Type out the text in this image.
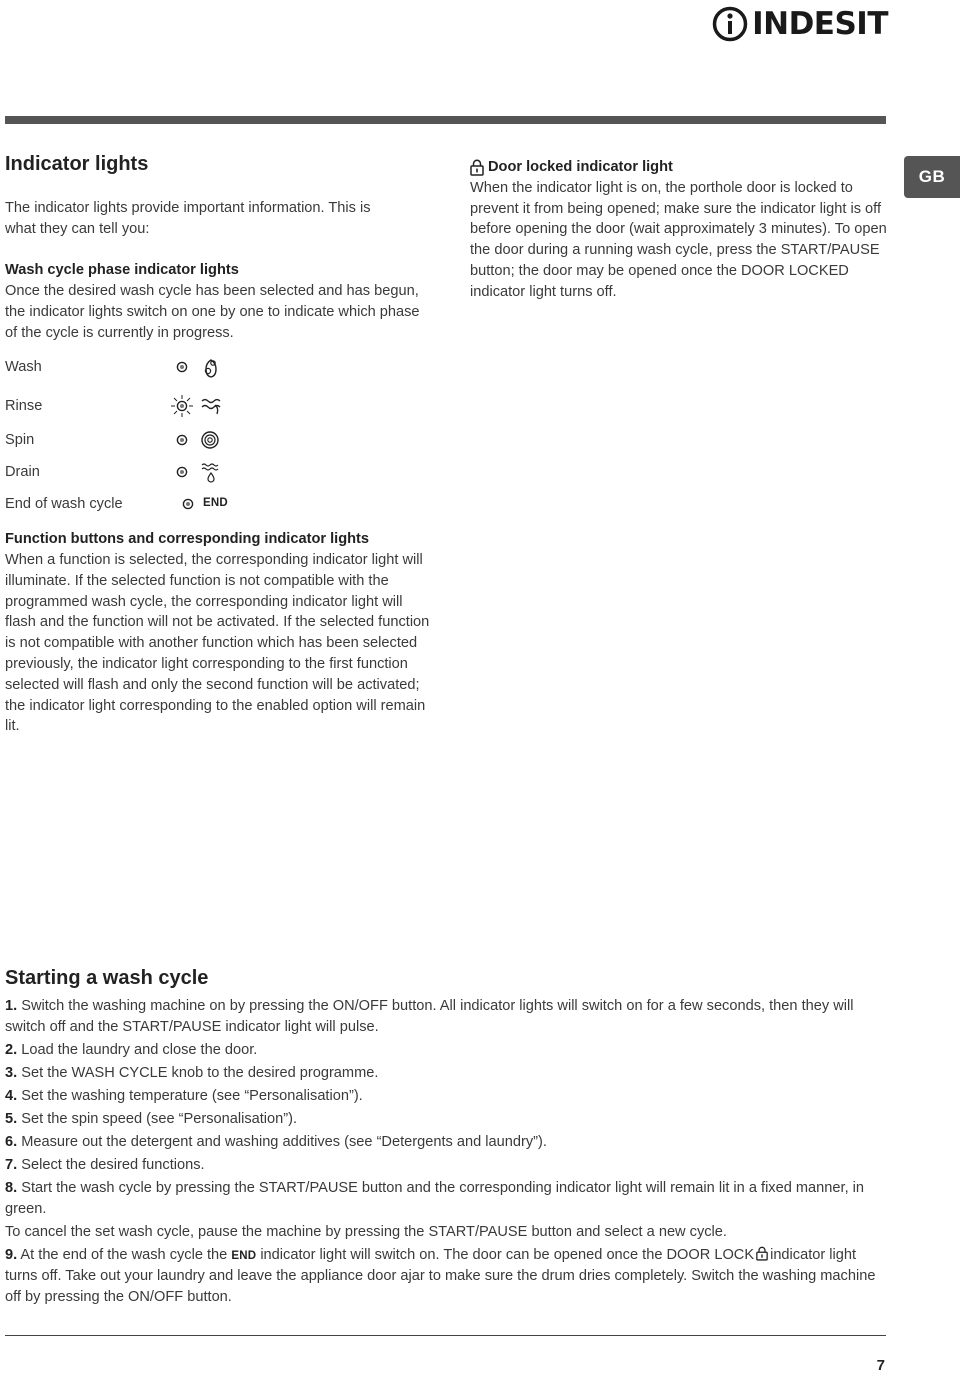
INDESIT
GB
Indicator lights

The indicator lights provide important information. This is what they can tell you:

Wash cycle phase indicator lights

Once the desired wash cycle has been selected and has begun, the indicator lights switch on one by one to indicate which phase of the cycle is currently in progress.

Door locked indicator light

When the indicator light is on, the porthole door is locked to prevent it from being opened; make sure the indicator light is off before opening the door (wait approximately 3 minutes). To open the door during a running wash cycle, press the START/PAUSE button; the door may be opened once the DOOR LOCKED indicator light turns off.

Wash
Rinse
Spin
Drain
End of wash cycle	END

Function buttons and corresponding indicator lights

When a function is selected, the corresponding indicator light will illuminate. If the selected function is not compatible with the programmed wash cycle, the corresponding indicator light will flash and the function will not be activated. If the selected function is not compatible with another function which has been selected previously, the indicator light corresponding to the first function selected will flash and only the second function will be activated; the indicator light corresponding to the enabled option will remain lit.

Starting a wash cycle

1. Switch the washing machine on by pressing the ON/OFF button. All indicator lights will switch on for a few seconds, then they will switch off and the START/PAUSE indicator light will pulse.

2. Load the laundry and close the door.

3. Set the WASH CYCLE knob to the desired programme.

4. Set the washing temperature (see “Personalisation”).

5. Set the spin speed (see “Personalisation”).

6. Measure out the detergent and washing additives (see “Detergents and laundry”).

7. Select the desired functions.

8. Start the wash cycle by pressing the START/PAUSE button and the corresponding indicator light will remain lit in a fixed manner, in green.

To cancel the set wash cycle, pause the machine by pressing the START/PAUSE button and select a new cycle.

9. At the end of the wash cycle the END indicator light will switch on. The door can be opened once the DOOR LOCK indicator light turns off. Take out your laundry and leave the appliance door ajar to make sure the drum dries completely. Switch the washing machine off by pressing the ON/OFF button.

7
